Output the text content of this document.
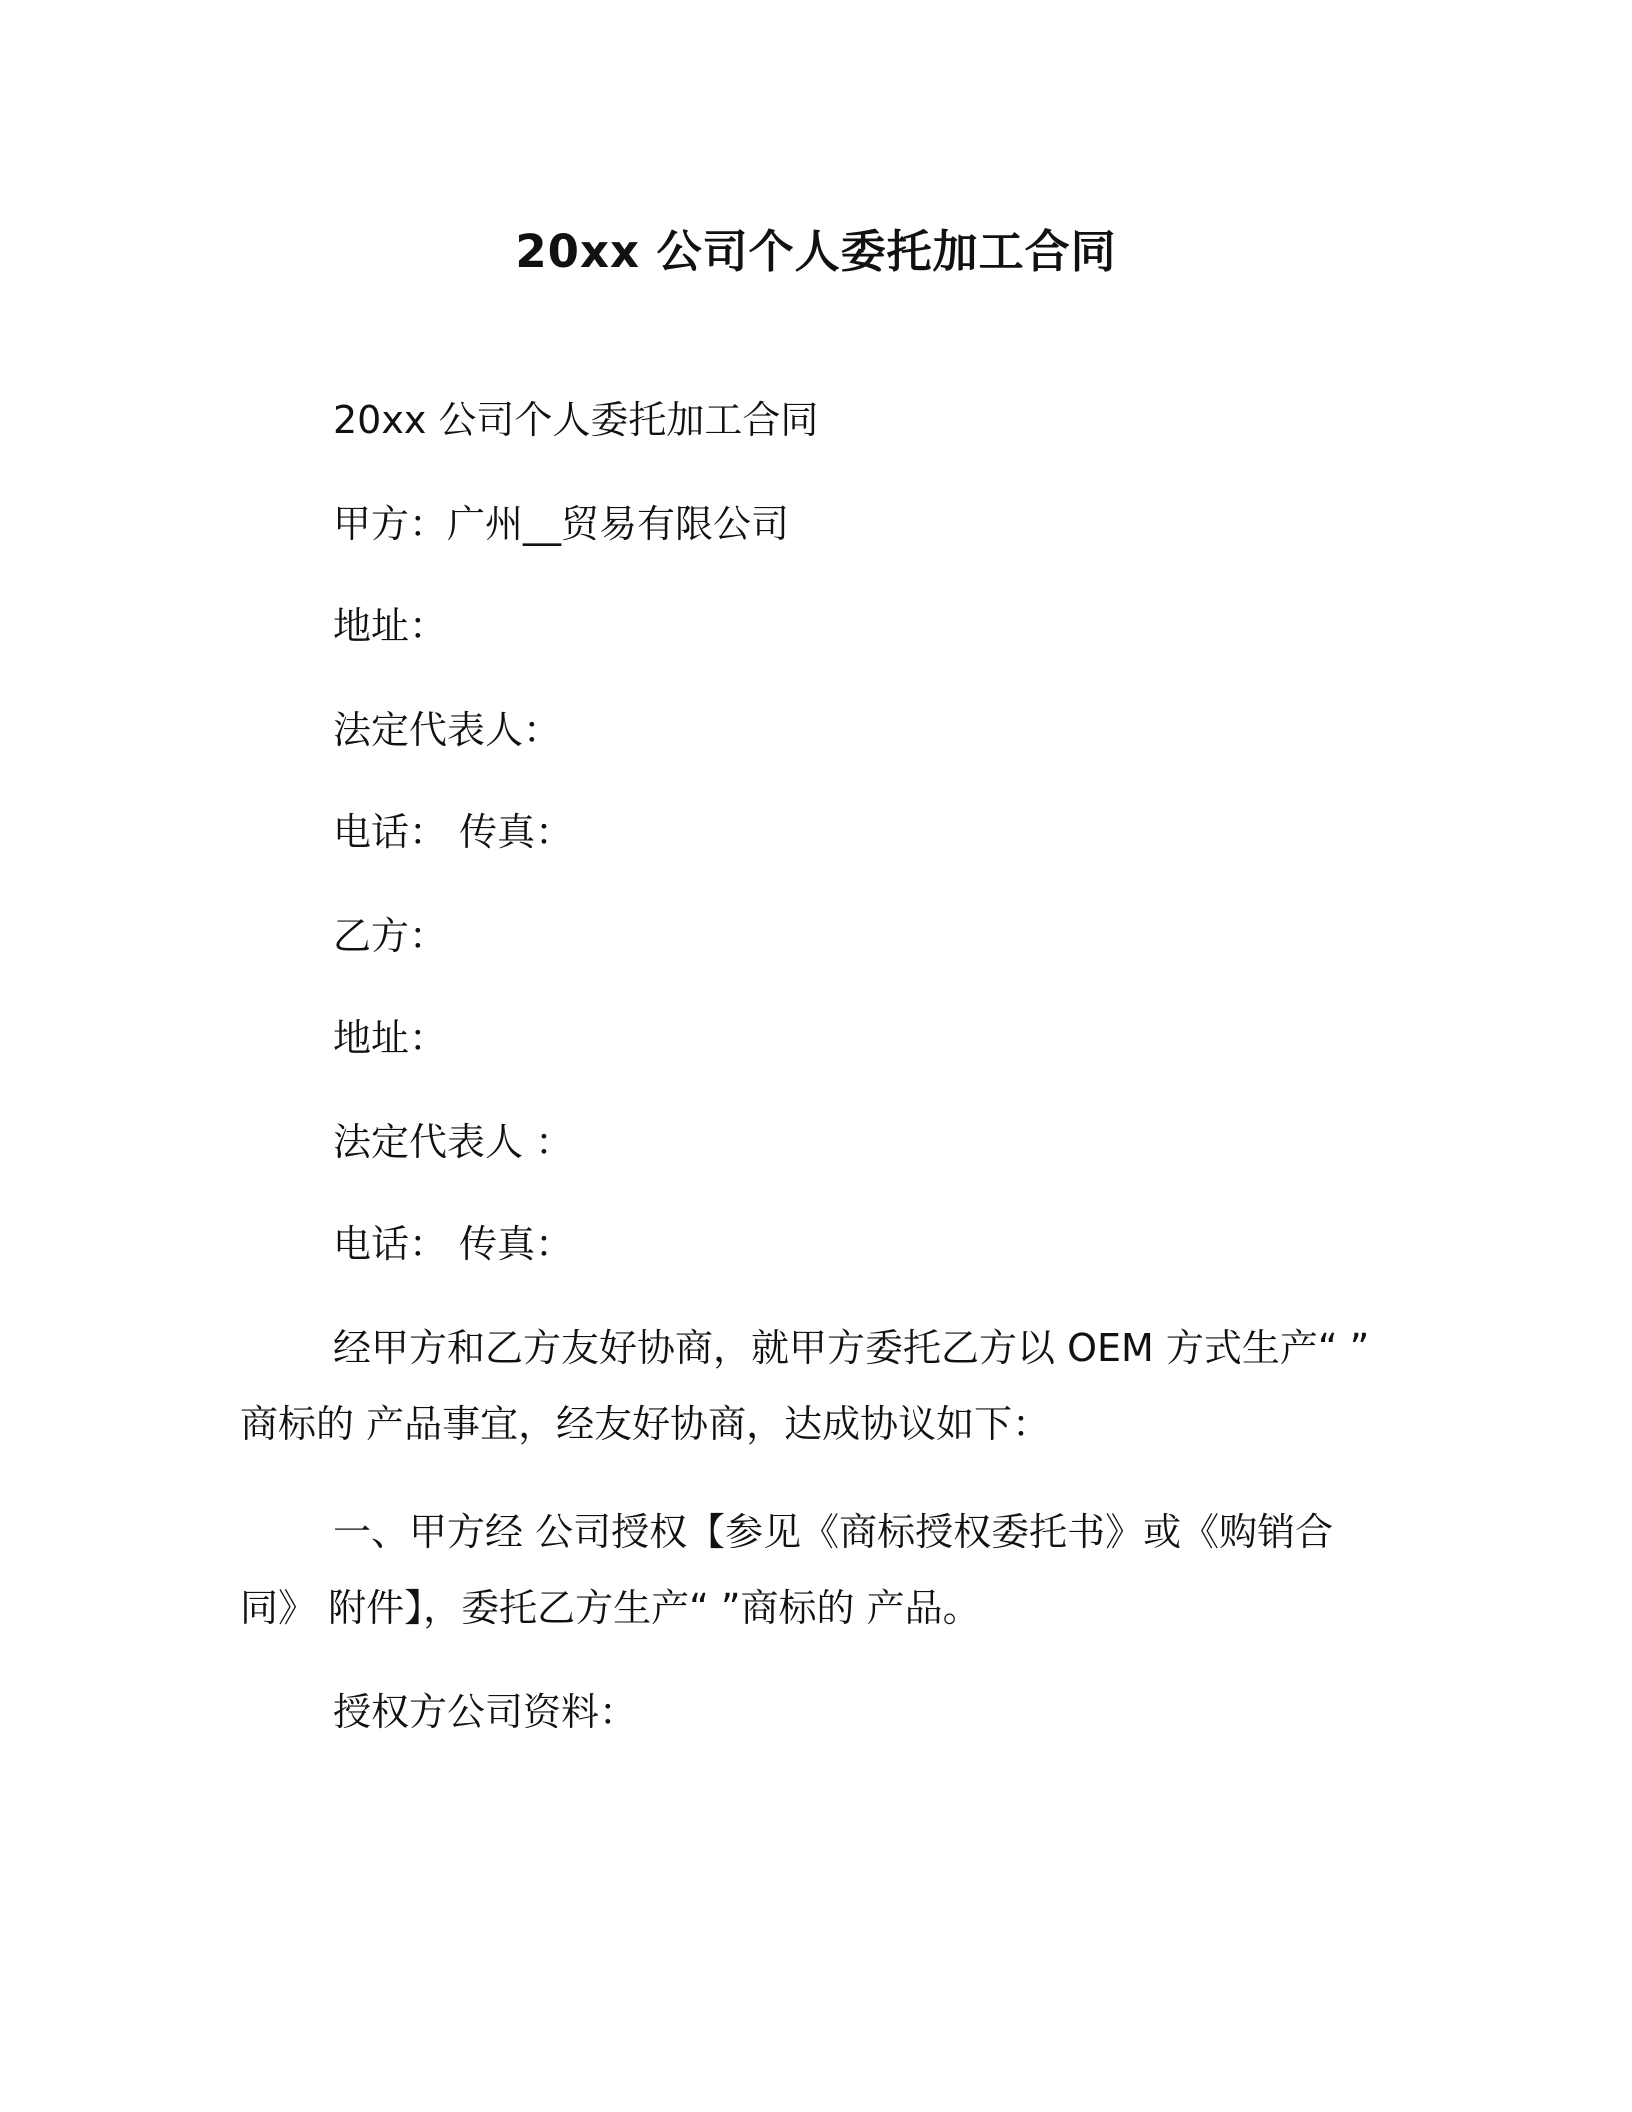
20xx 公司个人委托加工合同
20xx 公司个人委托加工合同
甲方：广州__贸易有限公司
地址：
法定代表人：
电话： 传真：
乙方：
地址：
法定代表人 ：
电话： 传真：
经甲方和乙方友好协商，就甲方委托乙方以 OEM 方式生产“ ” 商标的 产品事宜，经友好协商，达成协议如下：
一、甲方经 公司授权【参见《商标授权委托书》或《购销合同》 附件】，委托乙方生产“ ”商标的 产品。
授权方公司资料：
